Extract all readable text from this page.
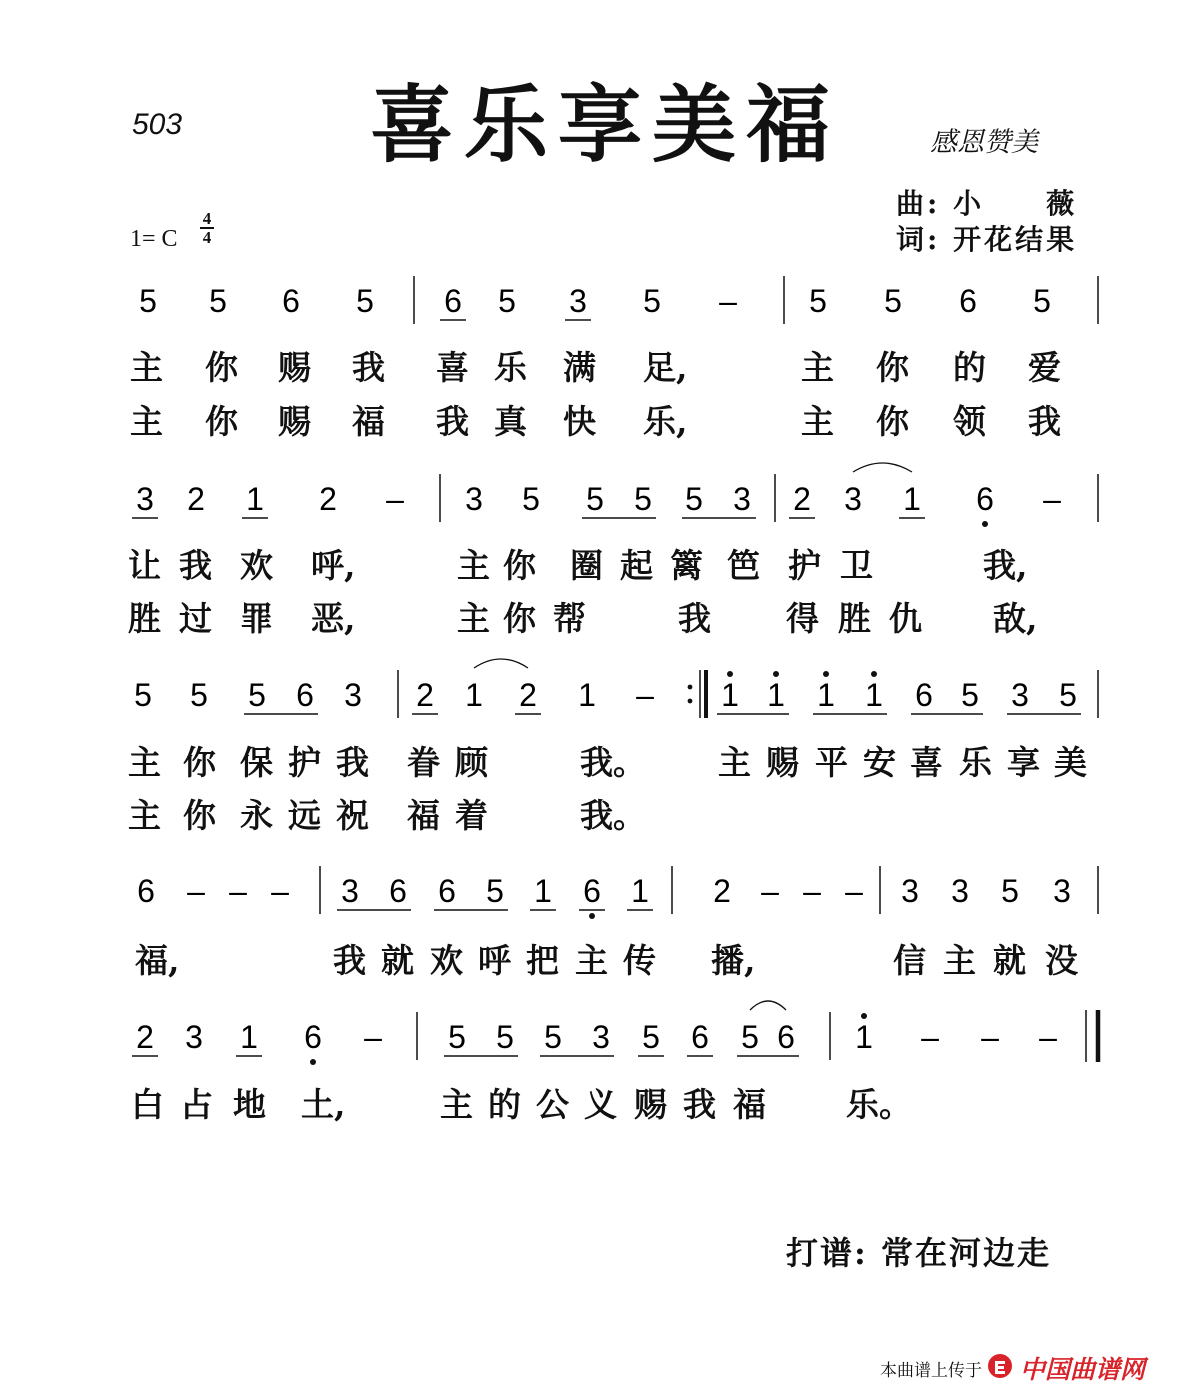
503 喜乐享美福	感恩赞美
曲: 小　　薇
词: 开花结果
1= C
4
4
5 5 6 5 6 5 3 5 – 5 5 6 5
3 2 1 2 – 3 5 5 5 5 3 2 3 1 6 –
5 5 5 6 3 2 1 2 1 – 1 1 1 1 6 5 3 5
6 – – – 3 6 6 5 1 6 1 2 – – – 3 3 5 3
2 3 1 6 – 5 5 5 3 5 6 5 6 1 – – –
主 你 赐 我 喜 乐 满 足,	主 你 的 爱
主 你 赐 福 我 真 快 乐,	主 你 领 我
让 我 欢 呼,	主 你 圈 起 篱 笆 护 卫	我,
胜 过 罪 恶,	主 你 帮	我 得 胜 仇 敌,
主 你 保 护 我 眷 顾	我。 主 赐 平 安 喜 乐 享 美
主 你 永 远 祝 福 着	我。
福,	我 就 欢 呼 把 主 传 播,	信 主 就 没
白 占 地 土,	主 的 公 义 赐 我 福 乐。
打谱: 常在河边走
本曲谱上传于 中国曲谱网
